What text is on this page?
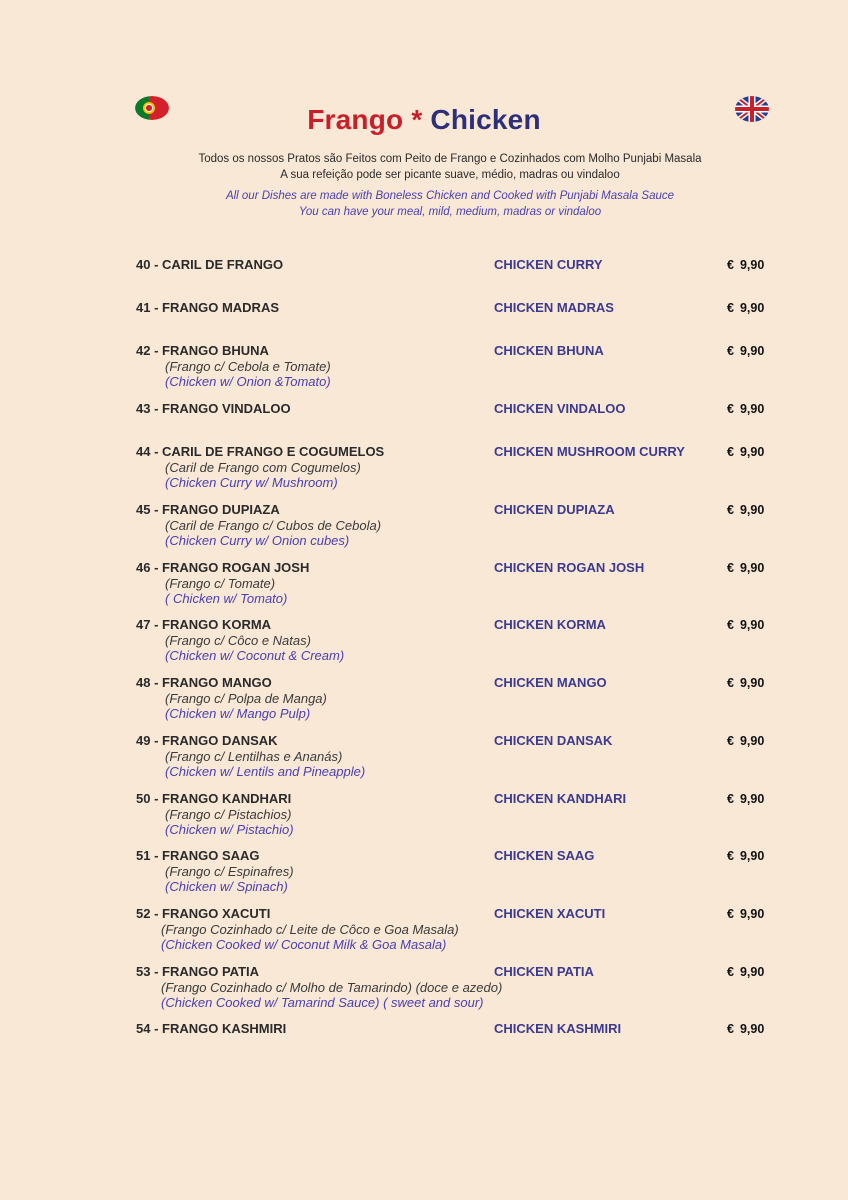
Frango * Chicken
Todos os nossos Pratos são Feitos com Peito de Frango e Cozinhados com Molho Punjabi Masala
A sua refeição pode ser picante suave, médio, madras ou vindaloo
All our Dishes are made with Boneless Chicken and Cooked with Punjabi Masala Sauce
You can have your meal, mild, medium, madras or vindaloo
40 - CARIL DE FRANGO	CHICKEN CURRY	€ 9,90
41 - FRANGO MADRAS	CHICKEN MADRAS	€ 9,90
42 - FRANGO BHUNA	CHICKEN BHUNA	€ 9,90
(Frango c/ Cebola e Tomate)
(Chicken w/ Onion &Tomato)
43 - FRANGO VINDALOO	CHICKEN VINDALOO	€ 9,90
44 - CARIL DE FRANGO E COGUMELOS	CHICKEN MUSHROOM CURRY	€ 9,90
(Caril de Frango com Cogumelos)
(Chicken Curry w/ Mushroom)
45 - FRANGO DUPIAZA	CHICKEN DUPIAZA	€ 9,90
(Caril de Frango c/ Cubos de Cebola)
(Chicken Curry w/ Onion cubes)
46 - FRANGO ROGAN JOSH	CHICKEN ROGAN JOSH	€ 9,90
(Frango c/ Tomate)
( Chicken w/ Tomato)
47 - FRANGO KORMA	CHICKEN KORMA	€ 9,90
(Frango c/ Côco e Natas)
(Chicken w/ Coconut & Cream)
48 - FRANGO MANGO	CHICKEN MANGO	€ 9,90
(Frango c/ Polpa de Manga)
(Chicken w/ Mango Pulp)
49 - FRANGO DANSAK	CHICKEN DANSAK	€ 9,90
(Frango c/ Lentilhas e Ananás)
(Chicken w/ Lentils and Pineapple)
50 - FRANGO KANDHARI	CHICKEN KANDHARI	€ 9,90
(Frango c/ Pistachios)
(Chicken w/ Pistachio)
51 - FRANGO SAAG	CHICKEN SAAG	€ 9,90
(Frango c/ Espinafres)
(Chicken w/ Spinach)
52 - FRANGO XACUTI	CHICKEN XACUTI	€ 9,90
(Frango Cozinhado c/ Leite de Côco e Goa Masala)
(Chicken Cooked w/ Coconut Milk & Goa Masala)
53 - FRANGO PATIA	CHICKEN PATIA	€ 9,90
(Frango Cozinhado c/ Molho de Tamarindo) (doce e azedo)
(Chicken Cooked w/ Tamarind Sauce) ( sweet and sour)
54 - FRANGO KASHMIRI	CHICKEN KASHMIRI	€ 9,90
